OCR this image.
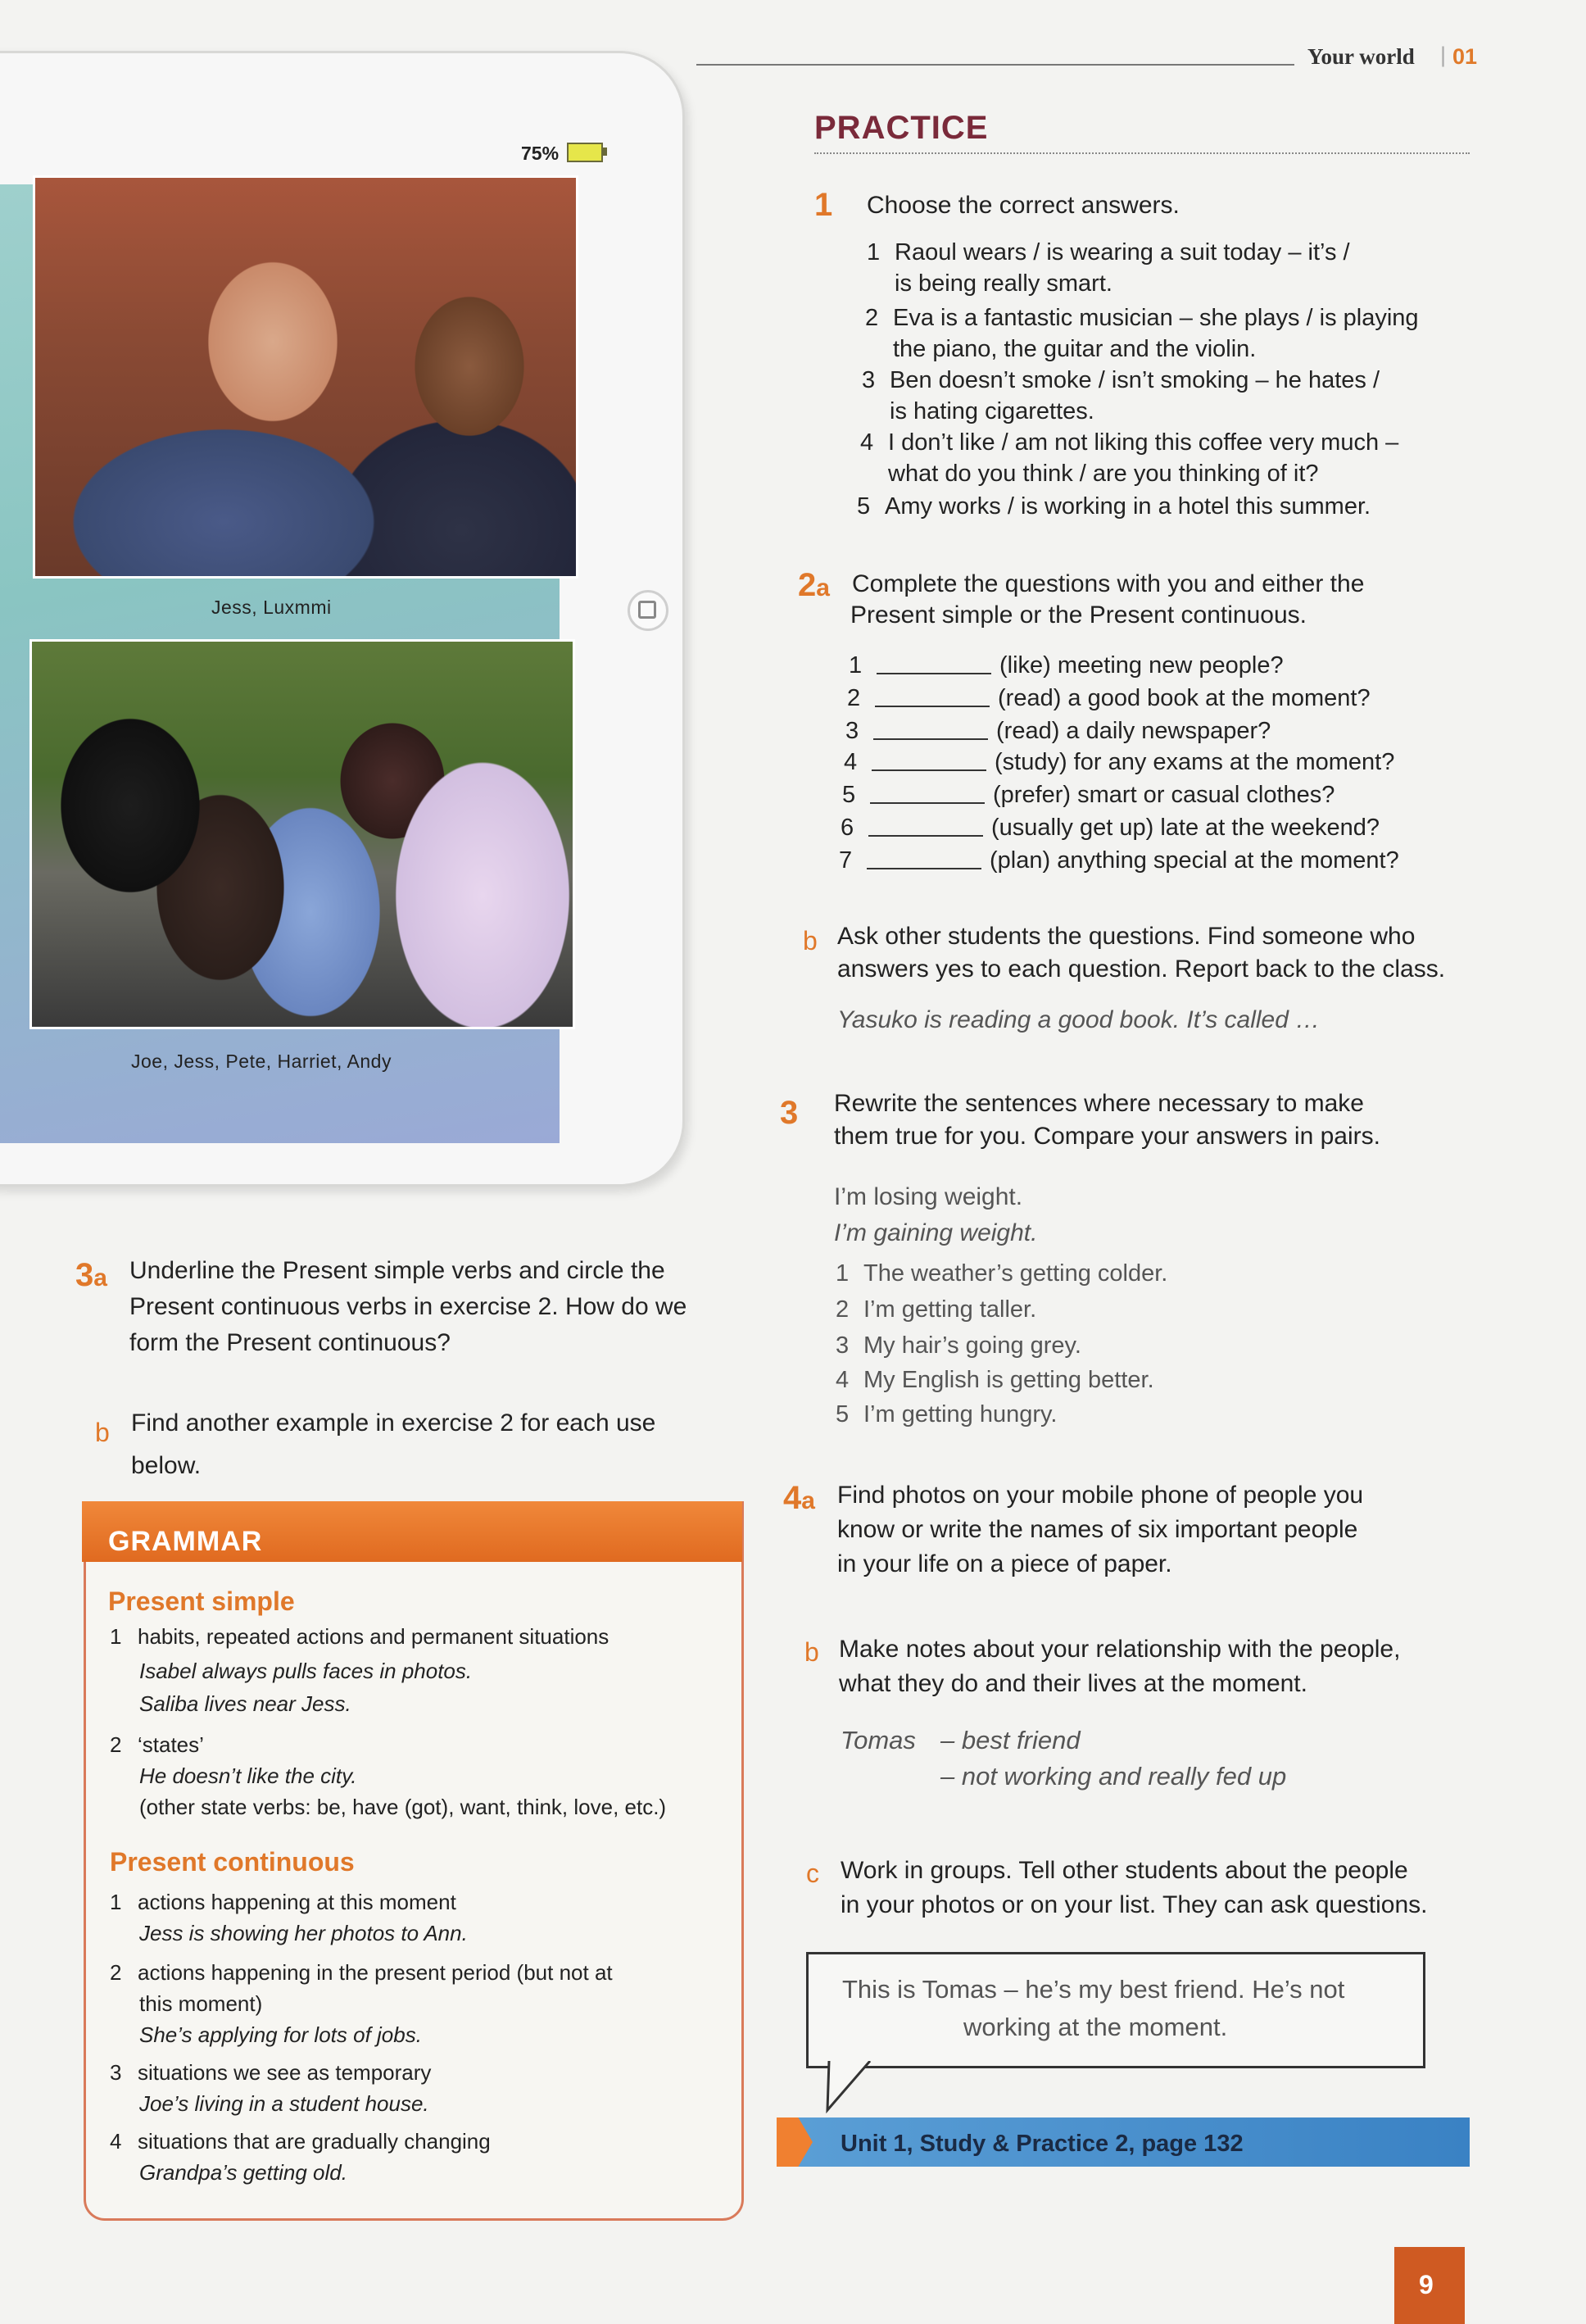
Your world | 01
75%
Jess, Luxmmi
Joe, Jess, Pete, Harriet, Andy
PRACTICE
1 Choose the correct answers.
1 Raoul wears / is wearing a suit today – it’s /
is being really smart.
2 Eva is a fantastic musician – she plays / is playing
the piano, the guitar and the violin.
3 Ben doesn’t smoke / isn’t smoking – he hates /
is hating cigarettes.
4 I don’t like / am not liking this coffee very much –
what do you think / are you thinking of it?
5 Amy works / is working in a hotel this summer.
2a Complete the questions with you and either the
Present simple or the Present continuous.
1	(like) meeting new people?
2	(read) a good book at the moment?
3	(read) a daily newspaper?
4	(study) for any exams at the moment?
5	(prefer) smart or casual clothes?
6	(usually get up) late at the weekend?
7	(plan) anything special at the moment?
b Ask other students the questions. Find someone who
answers yes to each question. Report back to the class.
Yasuko is reading a good book. It’s called …
3 Rewrite the sentences where necessary to make
them true for you. Compare your answers in pairs.
I’m losing weight.
I’m gaining weight.
1 The weather’s getting colder.
2 I’m getting taller.
3 My hair’s going grey.
4 My English is getting better.
5 I’m getting hungry.
4a Find photos on your mobile phone of people you
know or write the names of six important people
in your life on a piece of paper.
b Make notes about your relationship with the people,
what they do and their lives at the moment.
Tomas – best friend
– not working and really fed up
c Work in groups. Tell other students about the people
in your photos or on your list. They can ask questions.
This is Tomas – he’s my best friend. He’s not
working at the moment.
Unit 1, Study & Practice 2, page 132
3a Underline the Present simple verbs and circle the
Present continuous verbs in exercise 2. How do we
form the Present continuous?
b Find another example in exercise 2 for each use
below.
GRAMMAR
Present simple
1 habits, repeated actions and permanent situations
Isabel always pulls faces in photos.
Saliba lives near Jess.
2 ‘states’
He doesn’t like the city.
(other state verbs: be, have (got), want, think, love, etc.)
Present continuous
1 actions happening at this moment
Jess is showing her photos to Ann.
2 actions happening in the present period (but not at
this moment)
She’s applying for lots of jobs.
3 situations we see as temporary
Joe’s living in a student house.
4 situations that are gradually changing
Grandpa’s getting old.
9
